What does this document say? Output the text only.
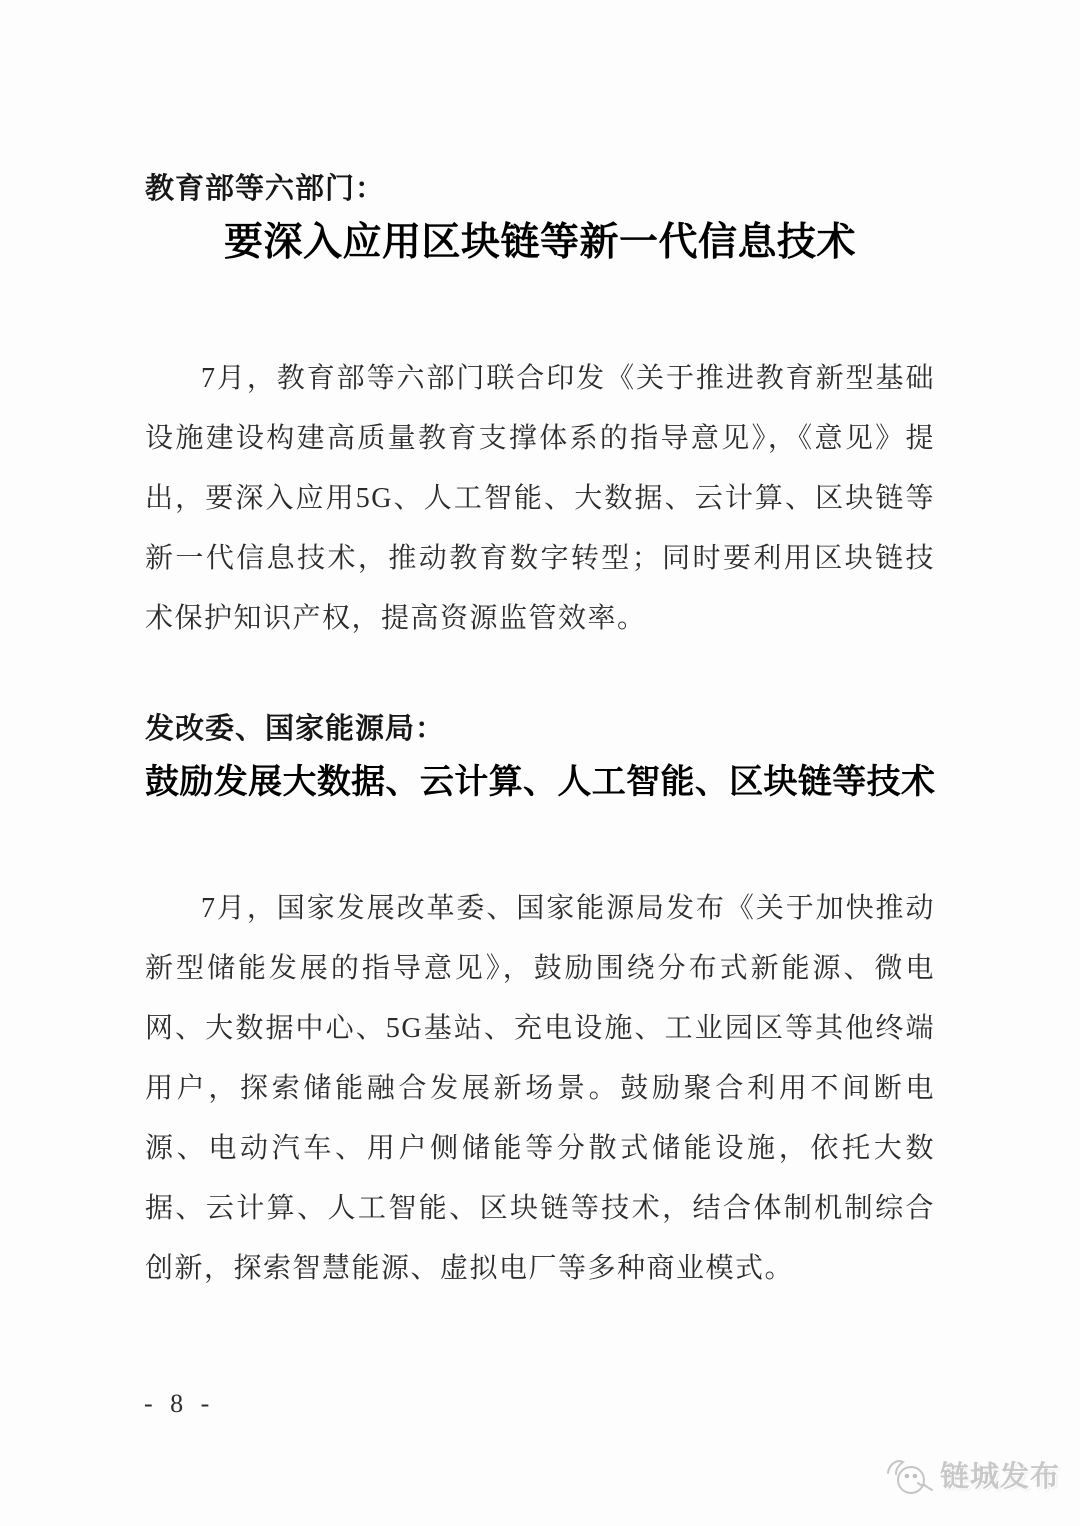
教育部等六部门：
要深入应用区块链等新一代信息技术

7月，教育部等六部门联合印发《关于推进教育新型基础设施建设构建高质量教育支撑体系的指导意见》，《意见》提出，要深入应用5G、人工智能、大数据、云计算、区块链等新一代信息技术，推动教育数字转型；同时要利用区块链技术保护知识产权，提高资源监管效率。

发改委、国家能源局：
鼓励发展大数据、云计算、人工智能、区块链等技术

7月，国家发展改革委、国家能源局发布《关于加快推动新型储能发展的指导意见》，鼓励围绕分布式新能源、微电网、大数据中心、5G基站、充电设施、工业园区等其他终端用户，探索储能融合发展新场景。鼓励聚合利用不间断电源、电动汽车、用户侧储能等分散式储能设施，依托大数据、云计算、人工智能、区块链等技术，结合体制机制综合创新，探索智慧能源、虚拟电厂等多种商业模式。

- 8 -
链城发布
